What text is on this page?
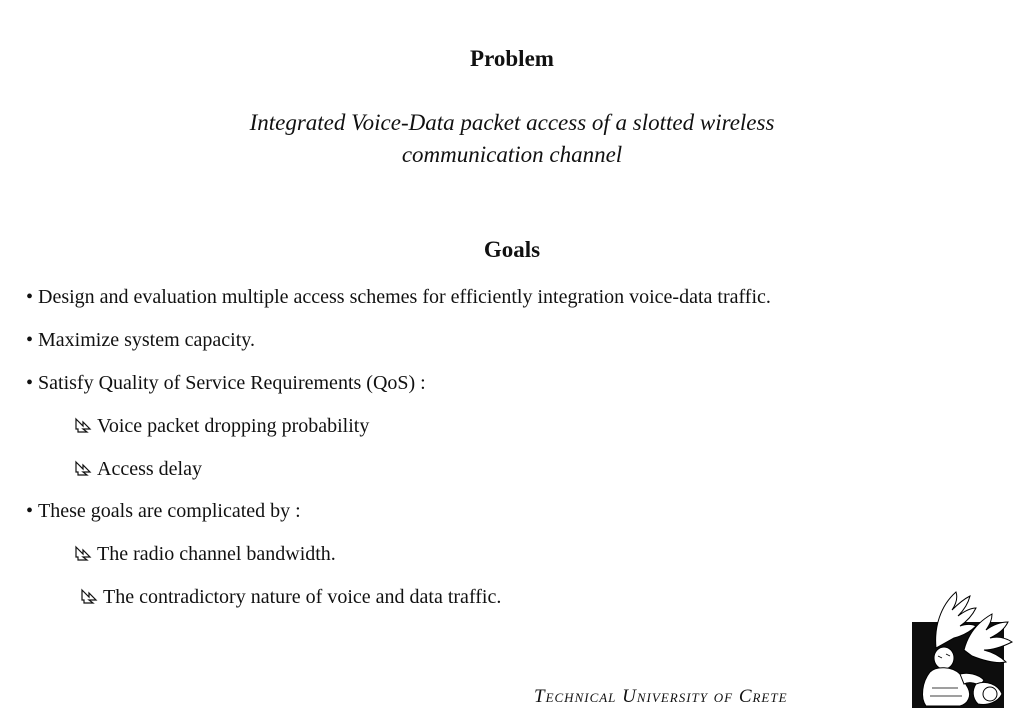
Problem
Integrated Voice-Data packet access of a slotted wireless
communication channel
Goals
• Design and evaluation multiple access schemes for efficiently integration voice-data traffic.
• Maximize system capacity.
• Satisfy Quality of Service Requirements (QoS) :
Voice packet dropping probability
Access delay
• These goals are complicated by :
The radio channel bandwidth.
The contradictory nature of voice and data traffic.
Technical University of Crete
